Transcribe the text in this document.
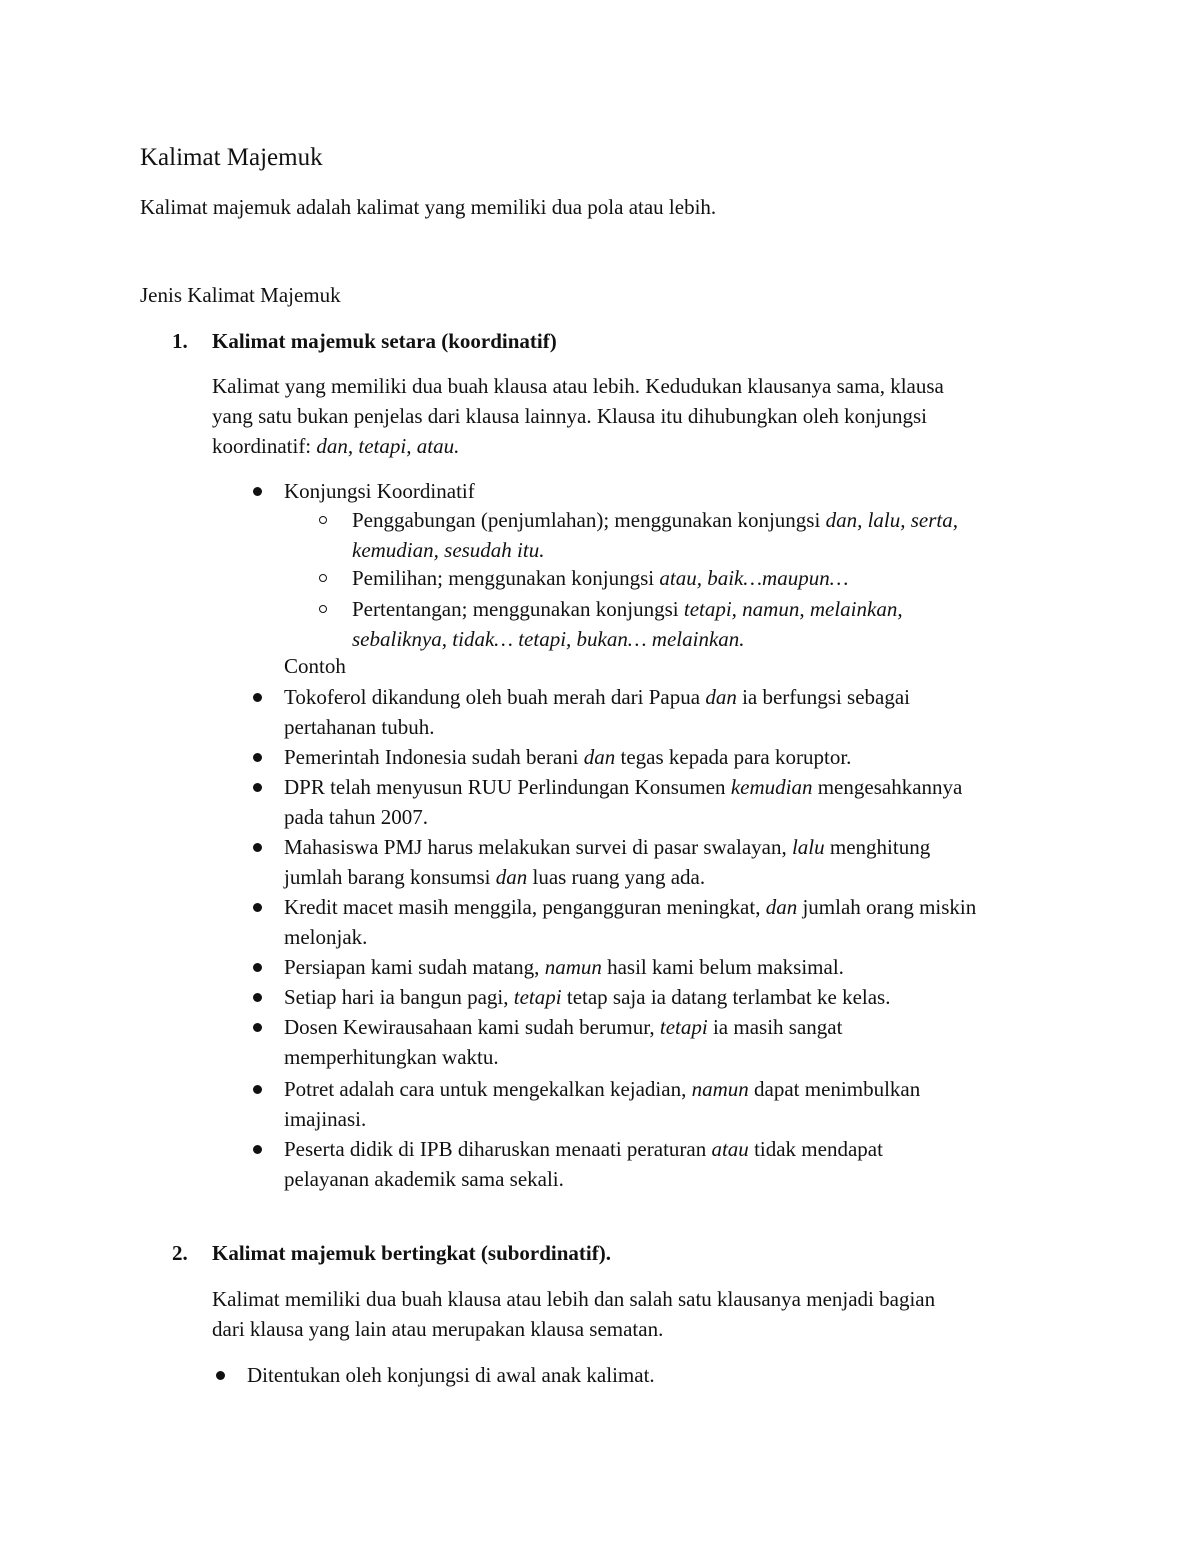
Kalimat Majemuk
Kalimat majemuk adalah kalimat yang memiliki dua pola atau lebih.
Jenis Kalimat Majemuk
1. Kalimat majemuk setara (koordinatif)
Kalimat yang memiliki dua buah klausa atau lebih. Kedudukan klausanya sama, klausa
yang satu bukan penjelas dari klausa lainnya. Klausa itu dihubungkan oleh konjungsi
koordinatif: dan, tetapi, atau.
Konjungsi Koordinatif
Penggabungan (penjumlahan); menggunakan konjungsi dan, lalu, serta,
kemudian, sesudah itu.
Pemilihan; menggunakan konjungsi atau, baik…maupun…
Pertentangan; menggunakan konjungsi tetapi, namun, melainkan,
sebaliknya, tidak… tetapi, bukan… melainkan.
Contoh
Tokoferol dikandung oleh buah merah dari Papua dan ia berfungsi sebagai
pertahanan tubuh.
Pemerintah Indonesia sudah berani dan tegas kepada para koruptor.
DPR telah menyusun RUU Perlindungan Konsumen kemudian mengesahkannya
pada tahun 2007.
Mahasiswa PMJ harus melakukan survei di pasar swalayan, lalu menghitung
jumlah barang konsumsi dan luas ruang yang ada.
Kredit macet masih menggila, pengangguran meningkat, dan jumlah orang miskin
melonjak.
Persiapan kami sudah matang, namun hasil kami belum maksimal.
Setiap hari ia bangun pagi, tetapi tetap saja ia datang terlambat ke kelas.
Dosen Kewirausahaan kami sudah berumur, tetapi ia masih sangat
memperhitungkan waktu.
Potret adalah cara untuk mengekalkan kejadian, namun dapat menimbulkan
imajinasi.
Peserta didik di IPB diharuskan menaati peraturan atau tidak mendapat
pelayanan akademik sama sekali.
2. Kalimat majemuk bertingkat (subordinatif).
Kalimat memiliki dua buah klausa atau lebih dan salah satu klausanya menjadi bagian
dari klausa yang lain atau merupakan klausa sematan.
Ditentukan oleh konjungsi di awal anak kalimat.
